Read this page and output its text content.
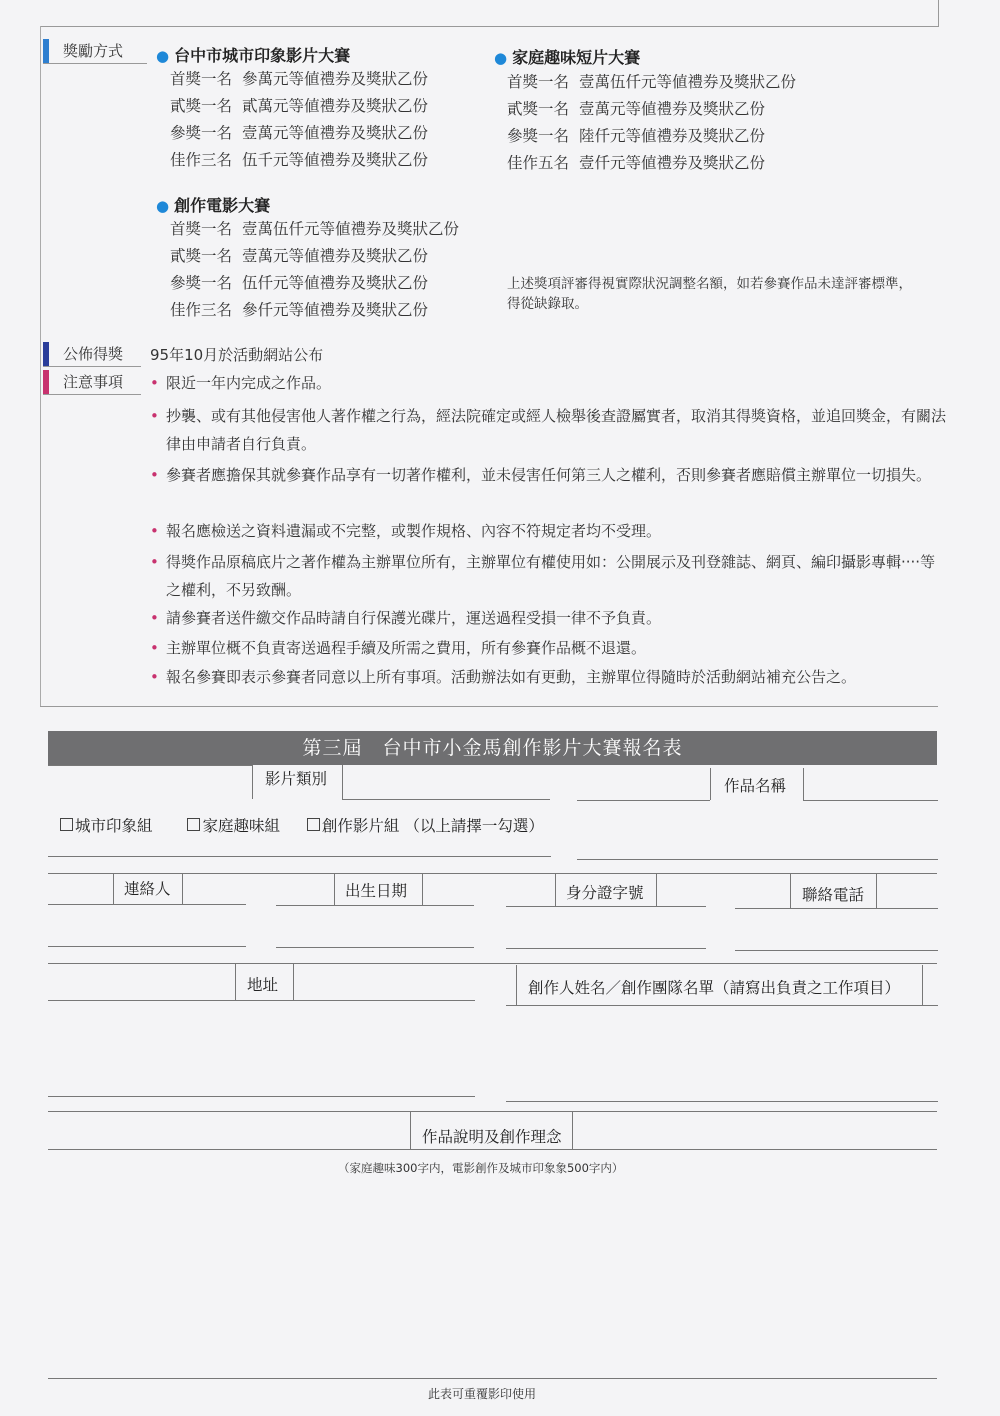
獎勵方式 ● 台中市城市印象影片大賽
首獎一名 參萬元等値禮券及獎狀乙份
貳獎一名 貳萬元等値禮券及獎狀乙份
參獎一名 壹萬元等値禮券及獎狀乙份
佳作三名 伍千元等値禮券及獎狀乙份
● 家庭趣味短片大賽
首獎一名 壹萬伍仟元等値禮券及獎狀乙份
貳獎一名 壹萬元等値禮券及獎狀乙份
參獎一名 陸仟元等値禮券及獎狀乙份
佳作五名 壹仟元等値禮券及獎狀乙份
● 創作電影大賽
首獎一名 壹萬伍仟元等値禮券及獎狀乙份
貳獎一名 壹萬元等値禮券及獎狀乙份
參獎一名 伍仟元等値禮券及獎狀乙份
佳作三名 參仟元等値禮券及獎狀乙份
上述獎項評審得視實際狀況調整名額，如若參賽作品未達評審標準，
得從缺錄取。
公佈得獎 95年10月於活動網站公布
注意事項 • 限近一年内完成之作品。
• 抄襲、或有其他侵害他人著作權之行為，經法院確定或經人檢舉後查證屬實者，取消其得獎資格，並追回獎金，有關法律由申請者自行負責。
• 參賽者應擔保其就參賽作品享有一切著作權利，並未侵害任何第三人之權利，否則參賽者應賠償主辦單位一切損失。
• 報名應檢送之資料遺漏或不完整，或製作規格、內容不符規定者均不受理。
• 得獎作品原稿底片之著作權為主辦單位所有，主辦單位有權使用如：公開展示及刊登雜誌、網頁、編印攝影專輯‧‧‧‧等之權利，不另致酬。
• 請參賽者送件繳交作品時請自行保護光碟片，運送過程受損一律不予負責。
• 主辦單位概不負責寄送過程手續及所需之費用，所有參賽作品概不退還。
• 報名參賽即表示參賽者同意以上所有事項。活動辦法如有更動，主辦單位得隨時於活動網站補充公告之。
第三屆　台中市小金馬創作影片大賽報名表
影片類別	作品名稱
城市印象組	家庭趣味組	創作影片組 （以上請擇一勾選）
連絡人	出生日期	身分證字號	聯絡電話
地址	創作人姓名／創作團隊名單（請寫出負責之工作項目）
作品說明及創作理念
（家庭趣味300字内，電影創作及城市印象象500字内）
此表可重覆影印使用
